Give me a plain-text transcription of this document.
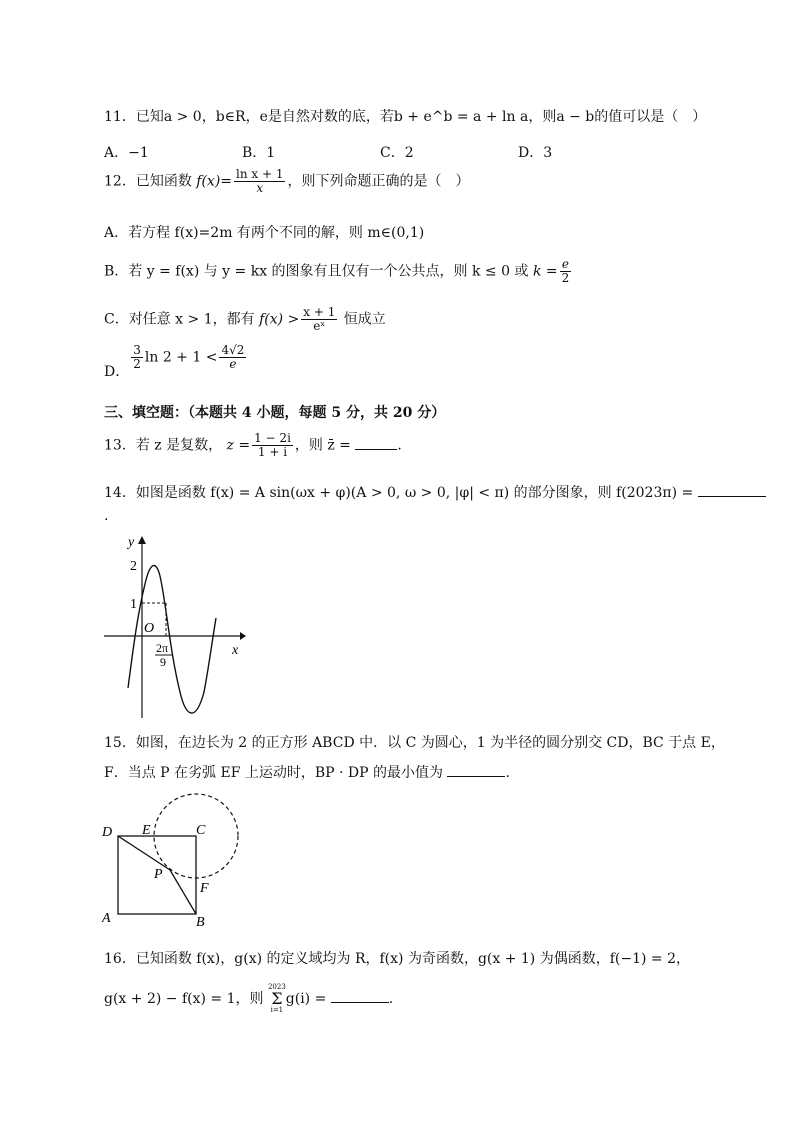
11．已知a > 0，b∈R，e是自然对数的底，若b + e^b = a + ln a，则a − b的值可以是（　）
A．−1	B．1	C．2	D．3
12．已知函数 $f(x)= \frac{\text{ln x + 1}}{x}$ ，则下列命题正确的是（　）
A．若方程 f(x)=2m 有两个不同的解，则 m∈(0,1)
B．若 y = f(x) 与 y = kx 的图象有且仅有一个公共点，则 k ≤ 0 或 $k = \frac{e}{2}$
C．对任意 x > 1，都有 $f(x) > \frac{x + 1}{\text{eˣ}}$ 恒成立
D．
$\frac{3}{2}$ $\ln 2 + 1 < \frac{4√2}{e}$
三、填空题：（本题共 4 小题，每题 5 分，共 20 分）
13．若 z 是复数， $z = \frac{1 - 2i}{1 + i}$ ，则 z̄ =	.
14．如图是函数 f(x) = A sin(ωx + φ)(A > 0, ω > 0, |φ| < π) 的部分图象，则 f(2023π) =
.
y
x
2
1
O
2π
9
15．如图，在边长为 2 的正方形 ABCD 中．以 C 为圆心，1 为半径的圆分别交 CD，BC 于点 E，
F．当点 P 在劣弧 EF 上运动时，BP · DP 的最小值为	.
D E	C
P
F
A	B
16．已知函数 f(x)，g(x) 的定义域均为 R，f(x) 为奇函数，g(x + 1) 为偶函数，f(−1) = 2，
g(x + 2) − f(x) = 1，则
2023
Σ
i=1
g(i) =	.
